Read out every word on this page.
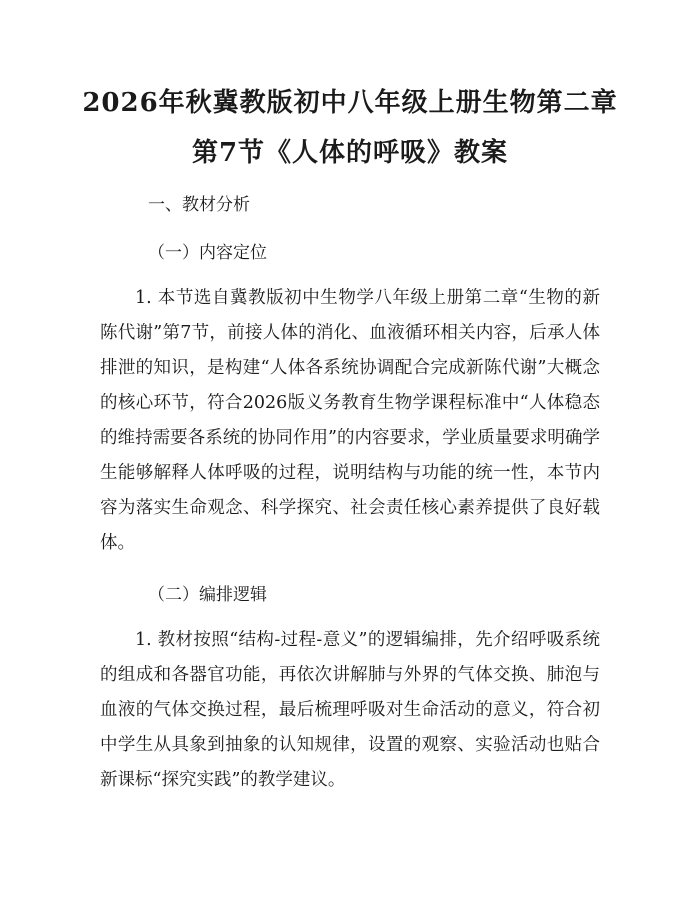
2026年秋冀教版初中八年级上册生物第二章
第7节《人体的呼吸》教案
一、教材分析
（一）内容定位
1. 本节选自冀教版初中生物学八年级上册第二章“生物的新陈代谢”第7节，前接人体的消化、血液循环相关内容，后承人体排泄的知识，是构建“人体各系统协调配合完成新陈代谢”大概念的核心环节，符合2026版义务教育生物学课程标准中“人体稳态的维持需要各系统的协同作用”的内容要求，学业质量要求明确学生能够解释人体呼吸的过程，说明结构与功能的统一性，本节内容为落实生命观念、科学探究、社会责任核心素养提供了良好载体。
（二）编排逻辑
1. 教材按照“结构-过程-意义”的逻辑编排，先介绍呼吸系统的组成和各器官功能，再依次讲解肺与外界的气体交换、肺泡与血液的气体交换过程，最后梳理呼吸对生命活动的意义，符合初中学生从具象到抽象的认知规律，设置的观察、实验活动也贴合新课标“探究实践”的教学建议。
